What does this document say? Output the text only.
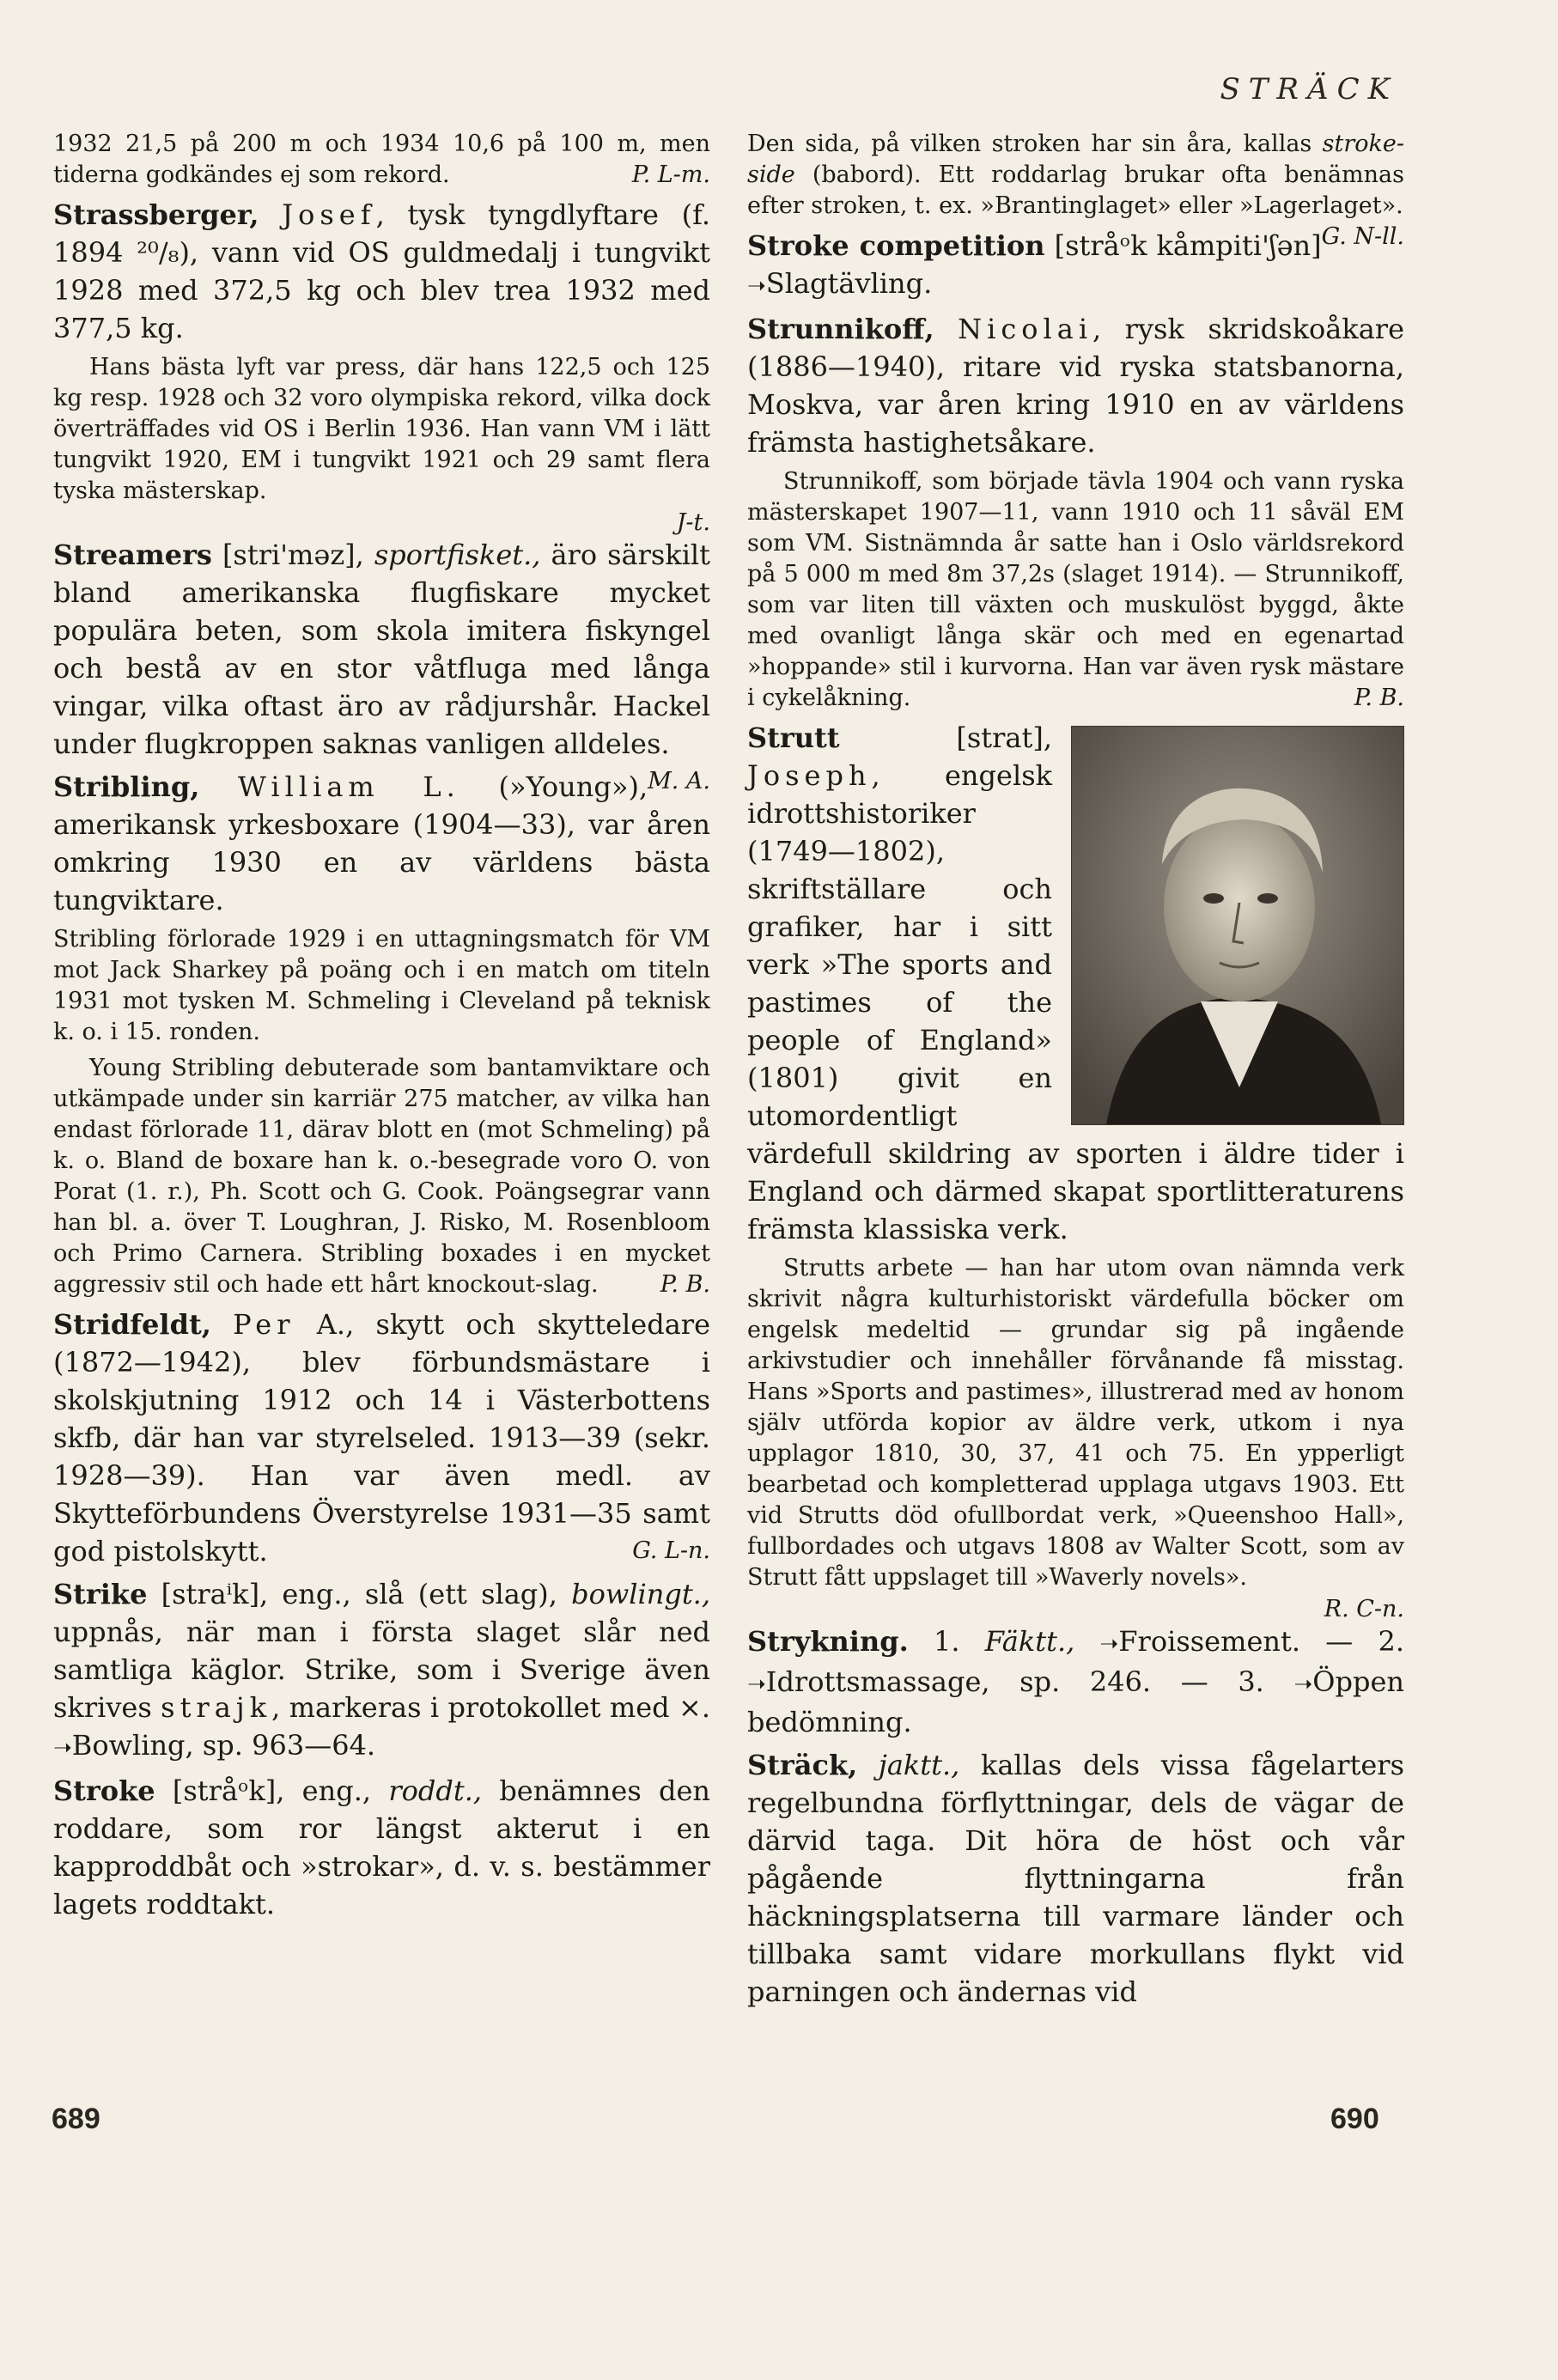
STRÄCK

1932 21,5 på 200 m och 1934 10,6 på 100 m, men tiderna godkändes ej som rekord.	P. L-m.

Strassberger, Josef, tysk tyngdlyftare (f. 1894 ²⁰/₈), vann vid OS guldmedalj i tungvikt 1928 med 372,5 kg och blev trea 1932 med 377,5 kg.

Hans bästa lyft var press, där hans 122,5 och 125 kg resp. 1928 och 32 voro olympiska rekord, vilka dock överträffades vid OS i Berlin 1936. Han vann VM i lätt tungvikt 1920, EM i tungvikt 1921 och 29 samt flera tyska mästerskap.

J-t.

Streamers [stri'məz], sportfisket., äro särskilt bland amerikanska flugfiskare mycket populära beten, som skola imitera fiskyngel och bestå av en stor våtfluga med långa vingar, vilka oftast äro av rådjurshår. Hackel under flugkroppen saknas vanligen alldeles.
M. A.

Stribling, William L. (»Young»), amerikansk yrkesboxare (1904—33), var åren omkring 1930 en av världens bästa tungviktare.

Stribling förlorade 1929 i en uttagningsmatch för VM mot Jack Sharkey på poäng och i en match om titeln 1931 mot tysken M. Schmeling i Cleveland på teknisk k. o. i 15. ronden.

Young Stribling debuterade som bantamviktare och utkämpade under sin karriär 275 matcher, av vilka han endast förlorade 11, därav blott en (mot Schmeling) på k. o. Bland de boxare han k. o.-besegrade voro O. von Porat (1. r.), Ph. Scott och G. Cook. Poängsegrar vann han bl. a. över T. Loughran, J. Risko, M. Rosenbloom och Primo Carnera. Stribling boxades i en mycket aggressiv stil och hade ett hårt knockout-slag.	P. B.

Stridfeldt, Per A., skytt och skytteledare (1872—1942), blev förbundsmästare i skolskjutning 1912 och 14 i Västerbottens skfb, där han var styrelseled. 1913—39 (sekr. 1928—39). Han var även medl. av Skytteförbundens Överstyrelse 1931—35 samt god pistolskytt.	G. L-n.

Strike [straⁱk], eng., slå (ett slag), bowlingt., uppnås, när man i första slaget slår ned samtliga käglor. Strike, som i Sverige även skrives strajk, markeras i protokollet med ×. ➝Bowling, sp. 963—64.

Stroke [stråᵒk], eng., roddt., benämnes den roddare, som ror längst akterut i en kapproddbåt och »strokar», d. v. s. bestämmer lagets roddtakt.

Den sida, på vilken stroken har sin åra, kallas stroke-side (babord). Ett roddarlag brukar ofta benämnas efter stroken, t. ex. »Brantinglaget» eller »Lagerlaget».
G. N-ll.

Stroke competition [stråᵒk kåmpiti'ʃən] ➝Slagtävling.

Strunnikoff, Nicolai, rysk skridskoåkare (1886—1940), ritare vid ryska statsbanorna, Moskva, var åren kring 1910 en av världens främsta hastighetsåkare.

Strunnikoff, som började tävla 1904 och vann ryska mästerskapet 1907—11, vann 1910 och 11 såväl EM som VM. Sistnämnda år satte han i Oslo världsrekord på 5 000 m med 8m 37,2s (slaget 1914). — Strunnikoff, som var liten till växten och muskulöst byggd, åkte med ovanligt långa skär och med en egenartad »hoppande» stil i kurvorna. Han var även rysk mästare i cykelåkning.	P. B.

Strutt	[strat], Joseph, engelsk idrottshistoriker (1749—1802), skriftställare och grafiker, har i sitt verk »The sports and pastimes of the people of England» (1801) givit en utomordentligt värdefull skildring av sporten i äldre tider i England och därmed skapat sportlitteraturens främsta klassiska verk.

Strutts arbete — han har utom ovan nämnda verk skrivit några kulturhistoriskt värdefulla böcker om engelsk medeltid — grundar sig på ingående arkivstudier och innehåller förvånande få misstag. Hans »Sports and pastimes», illustrerad med av honom själv utförda kopior av äldre verk, utkom i nya upplagor 1810, 30, 37, 41 och 75. En ypperligt bearbetad och kompletterad upplaga utgavs 1903. Ett vid Strutts död ofullbordat verk, »Queenshoo Hall», fullbordades och utgavs 1808 av Walter Scott, som av Strutt fått uppslaget till »Waverly novels».

R. C-n.

Strykning. 1. Fäktt., ➝Froissement. — 2. ➝Idrottsmassage, sp. 246. — 3. ➝Öppen bedömning.

Sträck, jaktt., kallas dels vissa fågelarters regelbundna förflyttningar, dels de vägar de därvid taga. Dit höra de höst och vår pågående flyttningarna från häckningsplatserna till varmare länder och tillbaka samt vidare morkullans flykt vid parningen och ändernas vid

689	690
